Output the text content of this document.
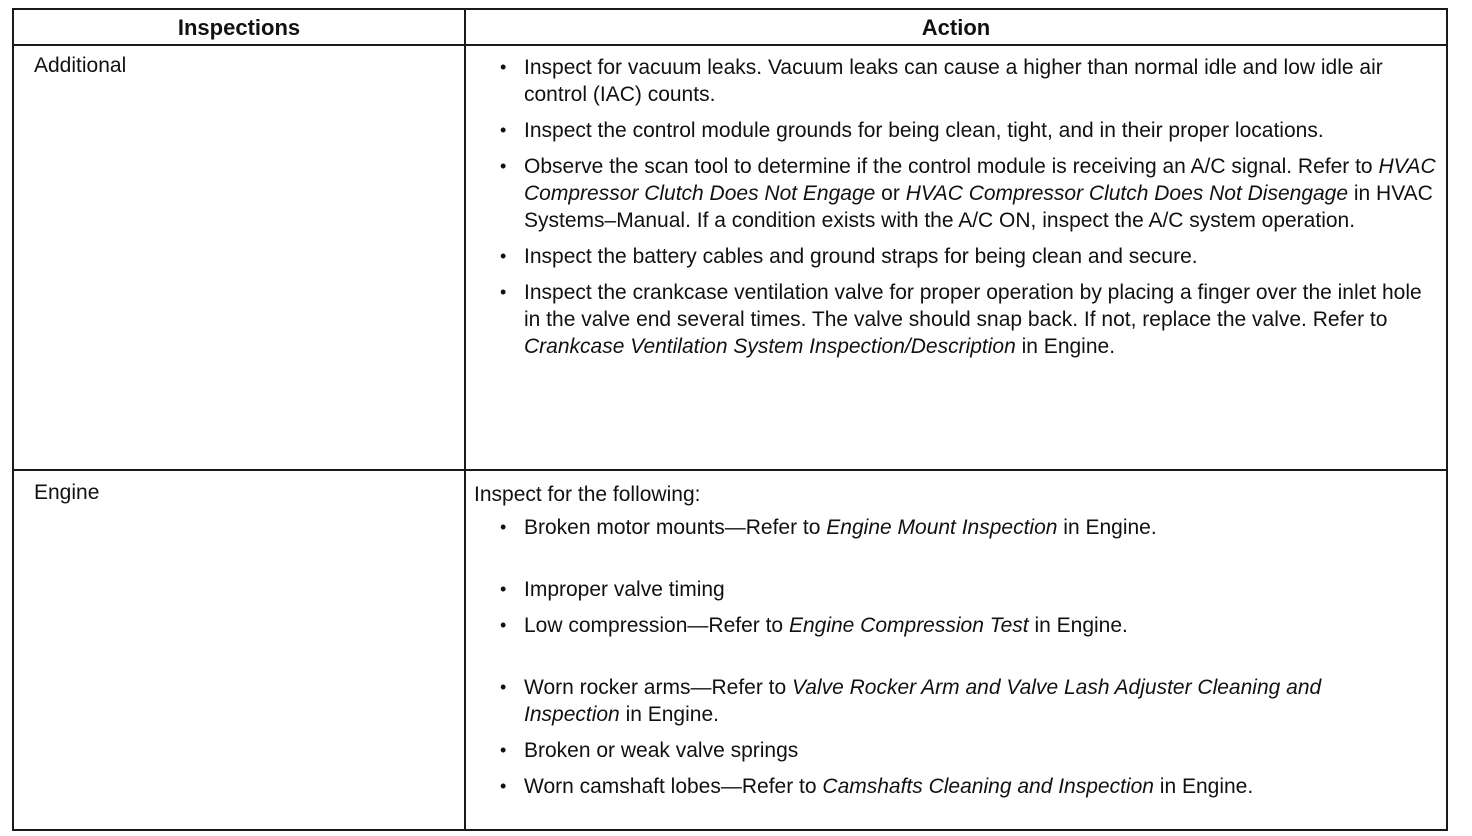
Inspections	Action
Additional
•	Inspect for vacuum leaks. Vacuum leaks can cause a higher than normal idle and low idle air control (IAC) counts.
• Inspect the control module grounds for being clean, tight, and in their proper locations.
• Observe the scan tool to determine if the control module is receiving an A/C signal. Refer to HVAC Compressor Clutch Does Not Engage or HVAC Compressor Clutch Does Not Disengage in HVAC Systems–Manual. If a condition exists with the A/C ON, inspect the A/C system operation.
• Inspect the battery cables and ground straps for being clean and secure.
• Inspect the crankcase ventilation valve for proper operation by placing a finger over the inlet hole in the valve end several times. The valve should snap back. If not, replace the valve. Refer to Crankcase Ventilation System Inspection/Description in Engine.
Engine	Inspect for the following:
• Broken motor mounts—Refer to Engine Mount Inspection in Engine.
• Improper valve timing
• Low compression—Refer to Engine Compression Test in Engine.
• Worn rocker arms—Refer to Valve Rocker Arm and Valve Lash Adjuster Cleaning and Inspection in Engine.
• Broken or weak valve springs
• Worn camshaft lobes—Refer to Camshafts Cleaning and Inspection in Engine.
